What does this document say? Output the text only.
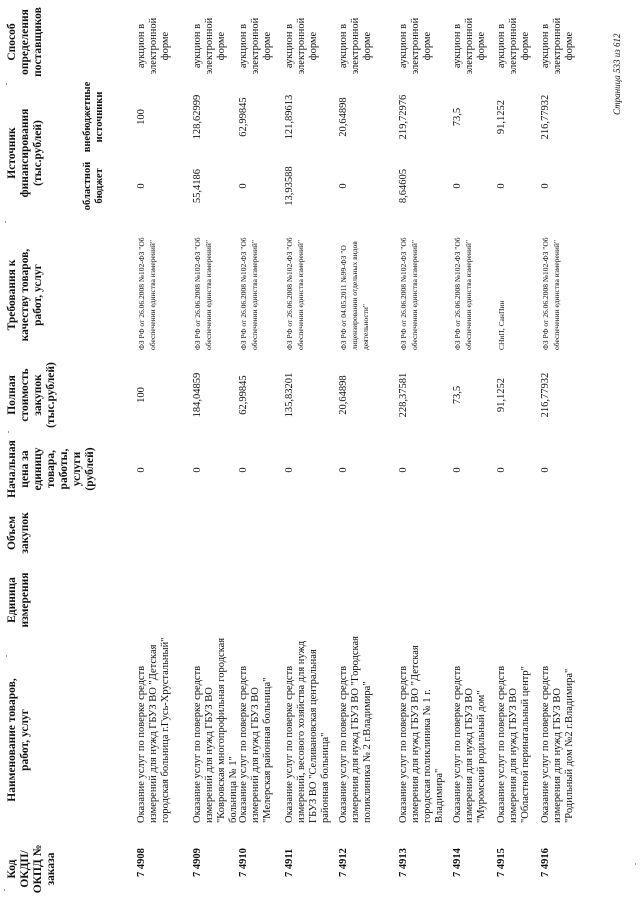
Код ОКДП/ ОКПД № заказа
Наименование товаров, работ, услуг
Единица измерения
Объем закупок
Начальная цена за единицу товара, работы, услуги (рублей)
Полная стоимость закупок (тыс.рублей)
Требования к качеству товаров, работ, услуг
Источник финансирования (тыс.рублей)
областной бюджет
внебюджетные источники
Способ определения поставщиков
7 4908
Оказание услуг по поверке средств измерений для нужд ГБУЗ ВО "Детская городская больница г.Гусь-Хрустальный"
0
100
ФЗ РФ от 26.06.2008 №102-ФЗ "Об обеспечении единства измерений"
0
100
аукцион в электронной форме
7 4909
Оказание услуг по поверке средств измерений для нужд ГБУЗ ВО "Ковровская многопрофильная городская больница № 1"
0
184,04859
ФЗ РФ от 26.06.2008 №102-ФЗ "Об обеспечении единства измерений"
55,4186
128,62999
аукцион в электронной форме
7 4910
Оказание услуг по поверке средств измерений для нужд ГБУЗ ВО "Мелерская районная больница"
0
62,99845
ФЗ РФ от 26.06.2008 №102-ФЗ "Об обеспечении единства измерений"
0
62,99845
аукцион в электронной форме
7 4911
Оказание услуг по поверке средств измерений, весового хозяйства для нужд ГБУЗ ВО "Селивановская центральная районная больница"
0
135,83201
ФЗ РФ от 26.06.2008 №102-ФЗ "Об обеспечении единства измерений"
13,93588
121,89613
аукцион в электронной форме
7 4912
Оказание услуг по поверке средств измерения для нужд ГБУЗ ВО "Городская поликлиника № 2 г.Владимира"
0
20,64898
ФЗ РФ от 04.05.2011 №99-ФЗ "О лицензировании отдельных видов деятельности"
0
20,64898
аукцион в электронной форме
7 4913
Оказание услуг по поверке средств измерения для нужд ГБУЗ ВО "Детская городская поликлиника № 1 г. Владимира"
0
228,37581
ФЗ РФ от 26.06.2008 №102-ФЗ "Об обеспечении единства измерений"
8,64605
219,72976
аукцион в электронной форме
7 4914
Оказание услуг по поверке средств измерения для нужд ГБУЗ ВО "Муромский родильный дом"
0
73,5
ФЗ РФ от 26.06.2008 №102-ФЗ "Об обеспечении единства измерений"
0
73,5
аукцион в электронной форме
7 4915
Оказание услуг по поверке средств измерения для нужд ГБУЗ ВО "Областной перинатальный центр"
0
91,1252
СНиП, СанПин
0
91,1252
аукцион в электронной форме
7 4916
Оказание услуг по поверке средств измерения для нужд ГБУЗ ВО "Родильный дом №2 г.Владимира"
0
216,77932
ФЗ РФ от 26.06.2008 №102-ФЗ "Об обеспечении единства измерений"
0
216,77932
аукцион в электронной форме	Страница 533 из 612
